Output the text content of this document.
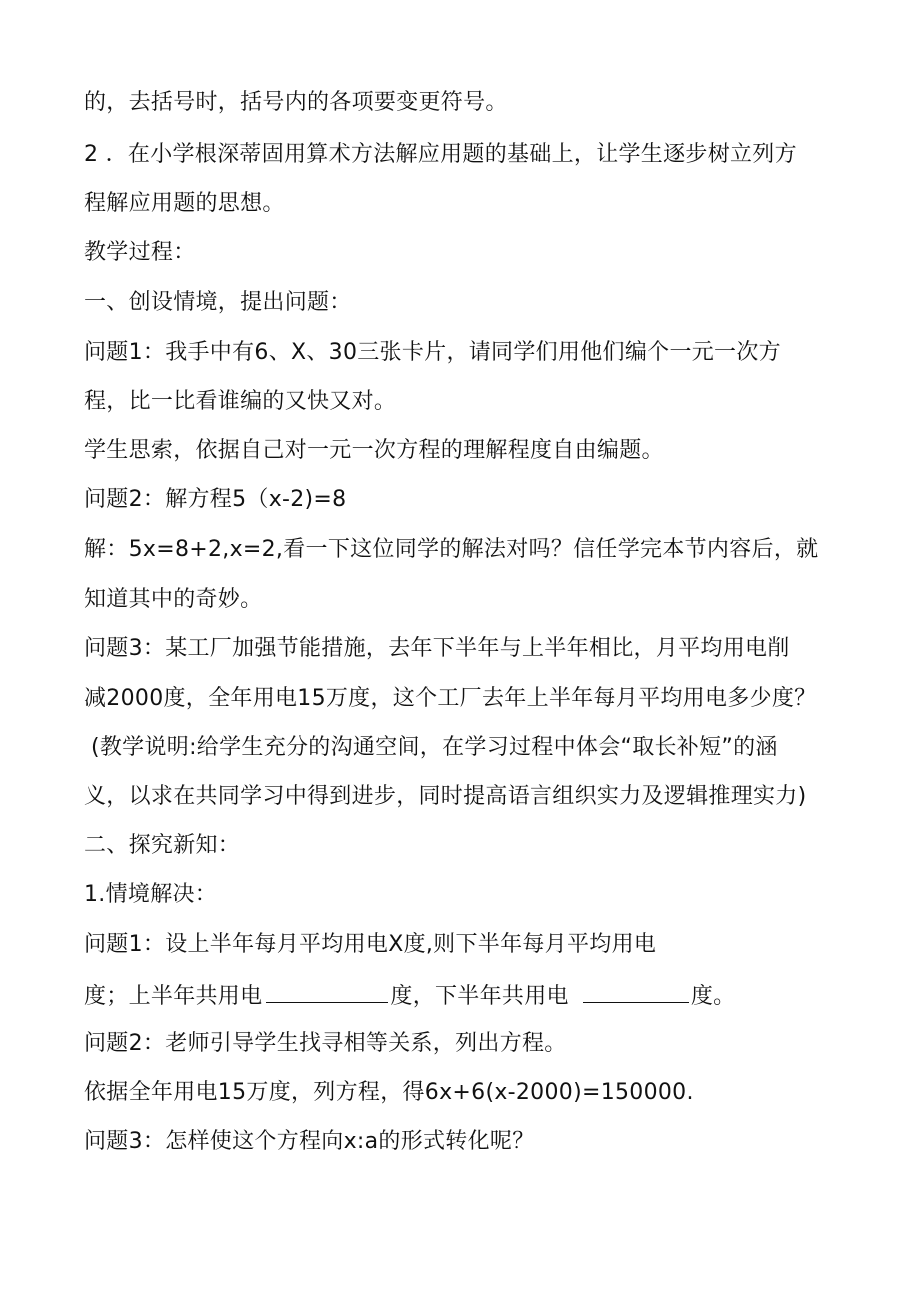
的，去括号时，括号内的各项要变更符号。
2 ．在小学根深蒂固用算术方法解应用题的基础上，让学生逐步树立列方
程解应用题的思想。
教学过程：
一、创设情境，提出问题：
问题1：我手中有6、X、30三张卡片，请同学们用他们编个一元一次方
程，比一比看谁编的又快又对。
学生思索，依据自己对一元一次方程的理解程度自由编题。
问题2：解方程5（x-2)=8
解：5x=8+2,x=2,看一下这位同学的解法对吗？信任学完本节内容后，就
知道其中的奇妙。
问题3：某工厂加强节能措施，去年下半年与上半年相比，月平均用电削
减2000度，全年用电15万度，这个工厂去年上半年每月平均用电多少度？
(教学说明:给学生充分的沟通空间，在学习过程中体会“取长补短”的涵
义，以求在共同学习中得到进步，同时提高语言组织实力及逻辑推理实力)
二、探究新知：
1.情境解决：
问题1：设上半年每月平均用电X度,则下半年每月平均用电
度；上半年共用电	度，下半年共用电	度。
问题2：老师引导学生找寻相等关系，列出方程。
依据全年用电15万度，列方程，得6x+6(x-2000)=150000.
问题3：怎样使这个方程向x:a的形式转化呢？
